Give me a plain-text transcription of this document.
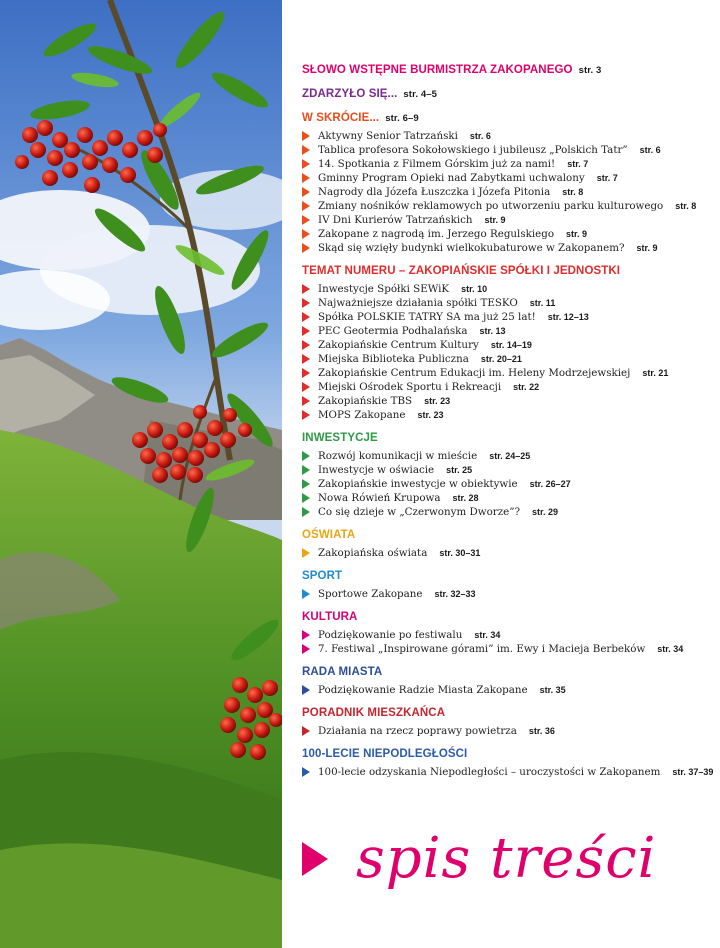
SŁOWO WSTĘPNE BURMISTRZA ZAKOPANEGO str. 3
ZDARZYŁO SIĘ... str. 4–5
W SKRÓCIE... str. 6–9
Aktywny Senior Tatrzański str. 6
Tablica profesora Sokołowskiego i jubileusz „Polskich Tatr” str. 6
14. Spotkania z Filmem Górskim już za nami! str. 7
Gminny Program Opieki nad Zabytkami uchwalony str. 7
Nagrody dla Józefa Łuszczka i Józefa Pitonia str. 8
Zmiany nośników reklamowych po utworzeniu parku kulturowego str. 8
IV Dni Kurierów Tatrzańskich str. 9
Zakopane z nagrodą im. Jerzego Regulskiego str. 9
Skąd się wzięły budynki wielkokubaturowe w Zakopanem? str. 9
TEMAT NUMERU – ZAKOPIAŃSKIE SPÓŁKI I JEDNOSTKI
Inwestycje Spółki SEWiK str. 10
Najważniejsze działania spółki TESKO str. 11
Spółka POLSKIE TATRY SA ma już 25 lat! str. 12–13
PEC Geotermia Podhalańska str. 13
Zakopiańskie Centrum Kultury str. 14–19
Miejska Biblioteka Publiczna str. 20–21
Zakopiańskie Centrum Edukacji im. Heleny Modrzejewskiej str. 21
Miejski Ośrodek Sportu i Rekreacji str. 22
Zakopiańskie TBS str. 23
MOPS Zakopane str. 23
INWESTYCJE
Rozwój komunikacji w mieście str. 24–25
Inwestycje w oświacie str. 25
Zakopiańskie inwestycje w obiektywie str. 26–27
Nowa Rówień Krupowa str. 28
Co się dzieje w „Czerwonym Dworze”? str. 29
OŚWIATA
Zakopiańska oświata str. 30–31
SPORT
Sportowe Zakopane str. 32–33
KULTURA
Podziękowanie po festiwalu str. 34
7. Festiwal „Inspirowane górami” im. Ewy i Macieja Berbeków str. 34
RADA MIASTA
Podziękowanie Radzie Miasta Zakopane str. 35
PORADNIK MIESZKAŃCA
Działania na rzecz poprawy powietrza str. 36
100-LECIE NIEPODLEGŁOŚCI
100-lecie odzyskania Niepodległości – uroczystości w Zakopanem str. 37–39
spis treści
